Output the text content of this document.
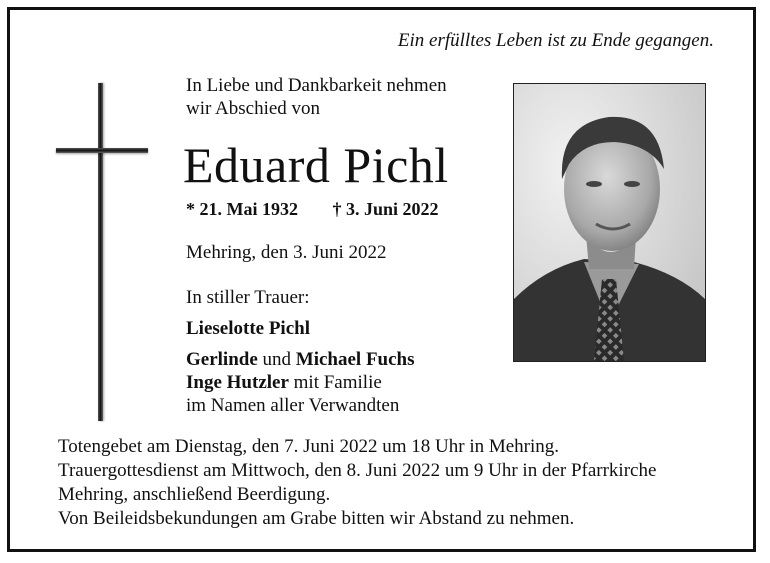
Ein erfülltes Leben ist zu Ende gegangen.
In Liebe und Dankbarkeit nehmen
wir Abschied von
Eduard Pichl
* 21. Mai 1932 † 3. Juni 2022
Mehring, den 3. Juni 2022
In stiller Trauer:
Lieselotte Pichl
Gerlinde und Michael Fuchs
Inge Hutzler mit Familie
im Namen aller Verwandten
Totengebet am Dienstag, den 7. Juni 2022 um 18 Uhr in Mehring.
Trauergottesdienst am Mittwoch, den 8. Juni 2022 um 9 Uhr in der Pfarrkirche
Mehring, anschließend Beerdigung.
Von Beileidsbekundungen am Grabe bitten wir Abstand zu nehmen.
